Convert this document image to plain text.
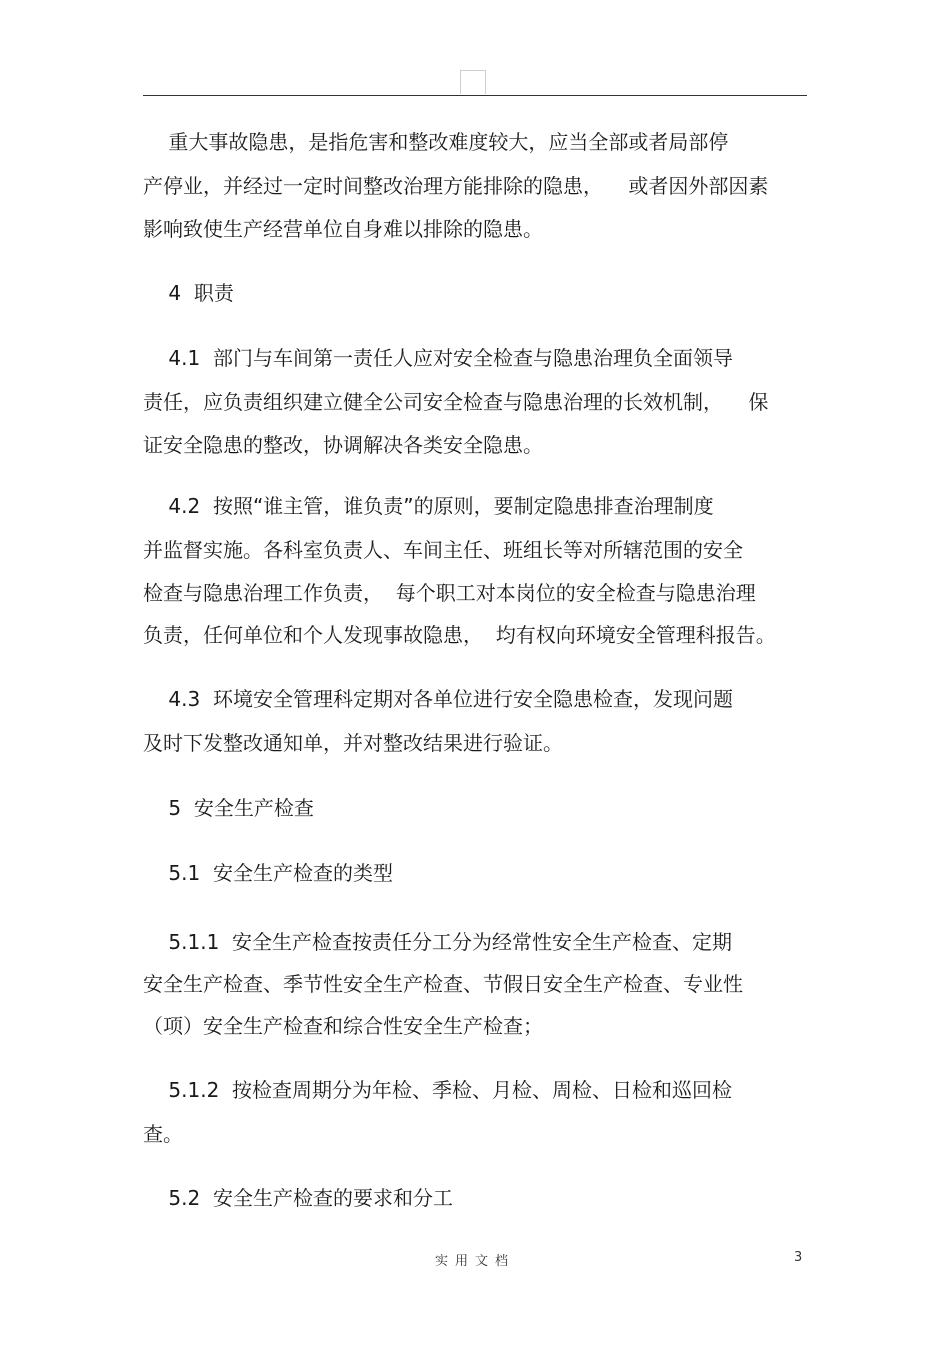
重大事故隐患，是指危害和整改难度较大，应当全部或者局部停
产停业，并经过一定时间整改治理方能排除的隐患，    或者因外部因素
影响致使生产经营单位自身难以排除的隐患。
4  职责
4.1  部门与车间第一责任人应对安全检查与隐患治理负全面领导
责任，应负责组织建立健全公司安全检查与隐患治理的长效机制，    保
证安全隐患的整改，协调解决各类安全隐患。
4.2  按照“谁主管，谁负责”的原则，要制定隐患排查治理制度
并监督实施。各科室负责人、车间主任、班组长等对所辖范围的安全
检查与隐患治理工作负责，  每个职工对本岗位的安全检查与隐患治理
负责，任何单位和个人发现事故隐患，  均有权向环境安全管理科报告。
4.3  环境安全管理科定期对各单位进行安全隐患检查，发现问题
及时下发整改通知单，并对整改结果进行验证。
5  安全生产检查
5.1  安全生产检查的类型
5.1.1  安全生产检查按责任分工分为经常性安全生产检查、定期
安全生产检查、季节性安全生产检查、节假日安全生产检查、专业性
（项）安全生产检查和综合性安全生产检查；
5.1.2  按检查周期分为年检、季检、月检、周检、日检和巡回检
查。
5.2  安全生产检查的要求和分工
实用文档	3
